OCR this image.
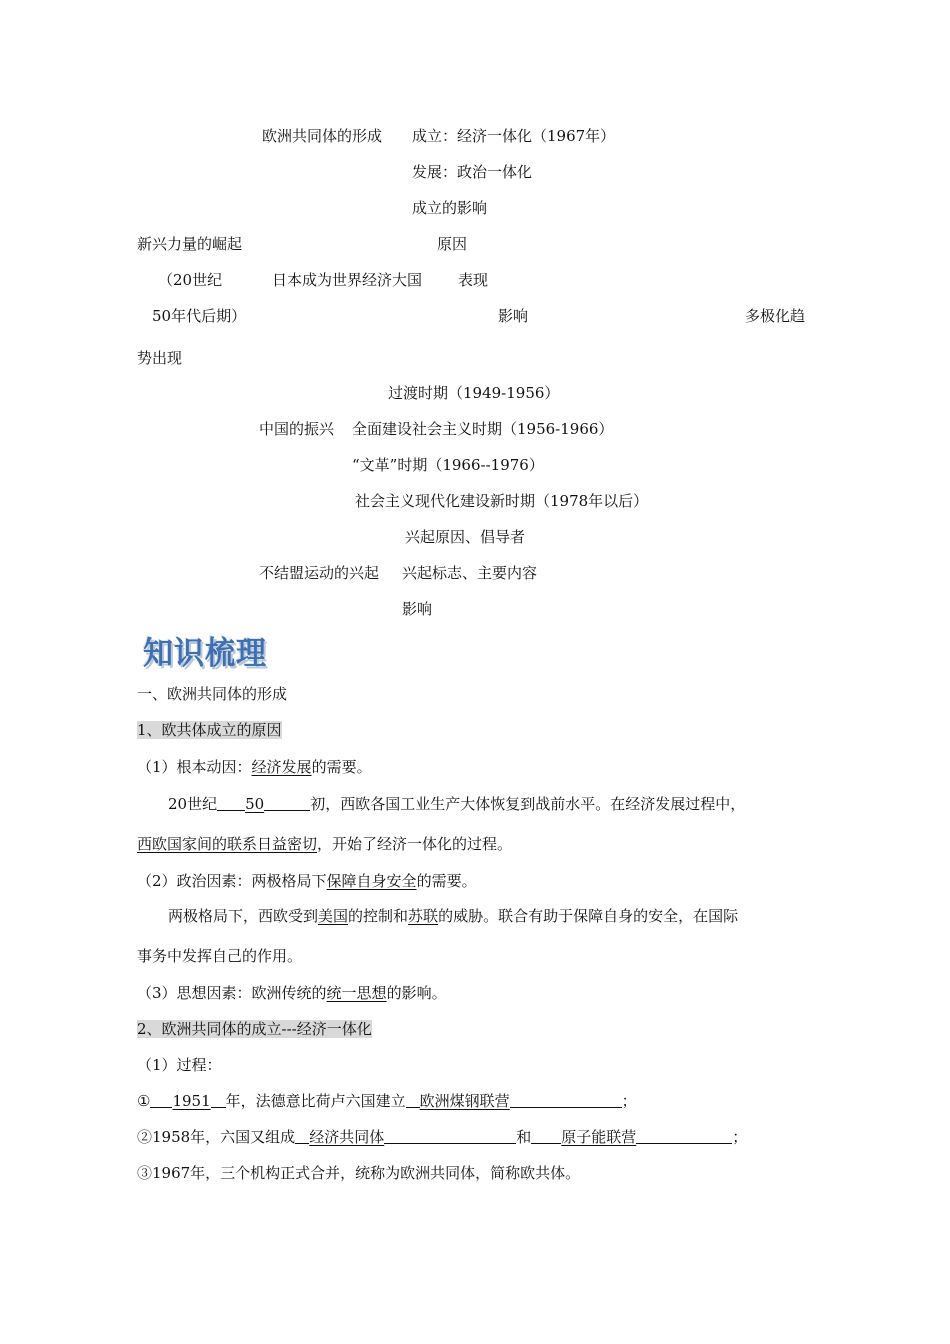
欧洲共同体的形成 成立：经济一体化（1967年）
发展：政治一体化
成立的影响
新兴力量的崛起	原因
（20世纪	日本成为世界经济大国 表现
50年代后期）	影响	多极化趋
势出现
过渡时期（1949-1956）
中国的振兴 全面建设社会主义时期（1956-1966）
“文革”时期（1966--1976）
社会主义现代化建设新时期（1978年以后）
兴起原因、倡导者
不结盟运动的兴起 兴起标志、主要内容
影响
知识梳理
一、欧洲共同体的形成
1、欧共体成立的原因
（1）根本动因：经济发展的需要。
20世纪 50	初，西欧各国工业生产大体恢复到战前水平。在经济发展过程中，
西欧国家间的联系日益密切，开始了经济一体化的过程。
（2）政治因素：两极格局下保障自身安全的需要。
两极格局下，西欧受到美国的控制和苏联的威胁。联合有助于保障自身的安全，在国际
事务中发挥自己的作用。
（3）思想因素：欧洲传统的统一思想的影响。
2、欧洲共同体的成立---经济一体化
（1）过程：
① 1951 年，法德意比荷卢六国建立 欧洲煤钢联营	；
②1958年，六国又组成 经济共同体	和 原子能联营	；
③1967年，三个机构正式合并，统称为欧洲共同体，简称欧共体。
